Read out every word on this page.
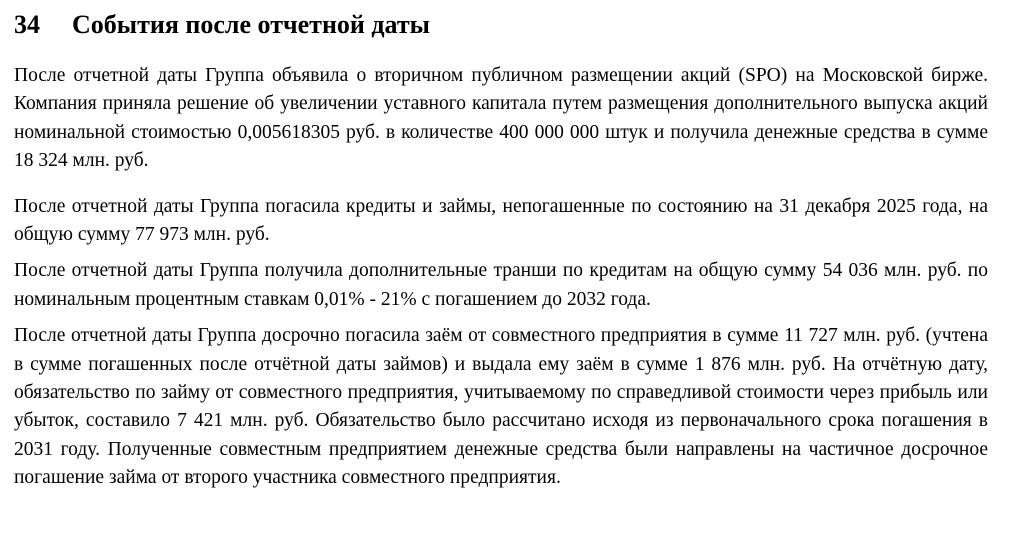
34	События после отчетной даты

После отчетной даты Группа объявила о вторичном публичном размещении акций (SPO) на Московской бирже. Компания приняла решение об увеличении уставного капитала путем размещения дополнительного выпуска акций номинальной стоимостью 0,005618305 руб. в количестве 400 000 000 штук и получила денежные средства в сумме 18 324 млн. руб.

После отчетной даты Группа погасила кредиты и займы, непогашенные по состоянию на 31 декабря 2025 года, на общую сумму 77 973 млн. руб.

После отчетной даты Группа получила дополнительные транши по кредитам на общую сумму 54 036 млн. руб. по номинальным процентным ставкам 0,01% - 21% с погашением до 2032 года.

После отчетной даты Группа досрочно погасила заём от совместного предприятия в сумме 11 727 млн. руб. (учтена в сумме погашенных после отчётной даты займов) и выдала ему заём в сумме 1 876 млн. руб. На отчётную дату, обязательство по займу от совместного предприятия, учитываемому по справедливой стоимости через прибыль или убыток, составило 7 421 млн. руб. Обязательство было рассчитано исходя из первоначального срока погашения в 2031 году. Полученные совместным предприятием денежные средства были направлены на частичное досрочное погашение займа от второго участника совместного предприятия.
